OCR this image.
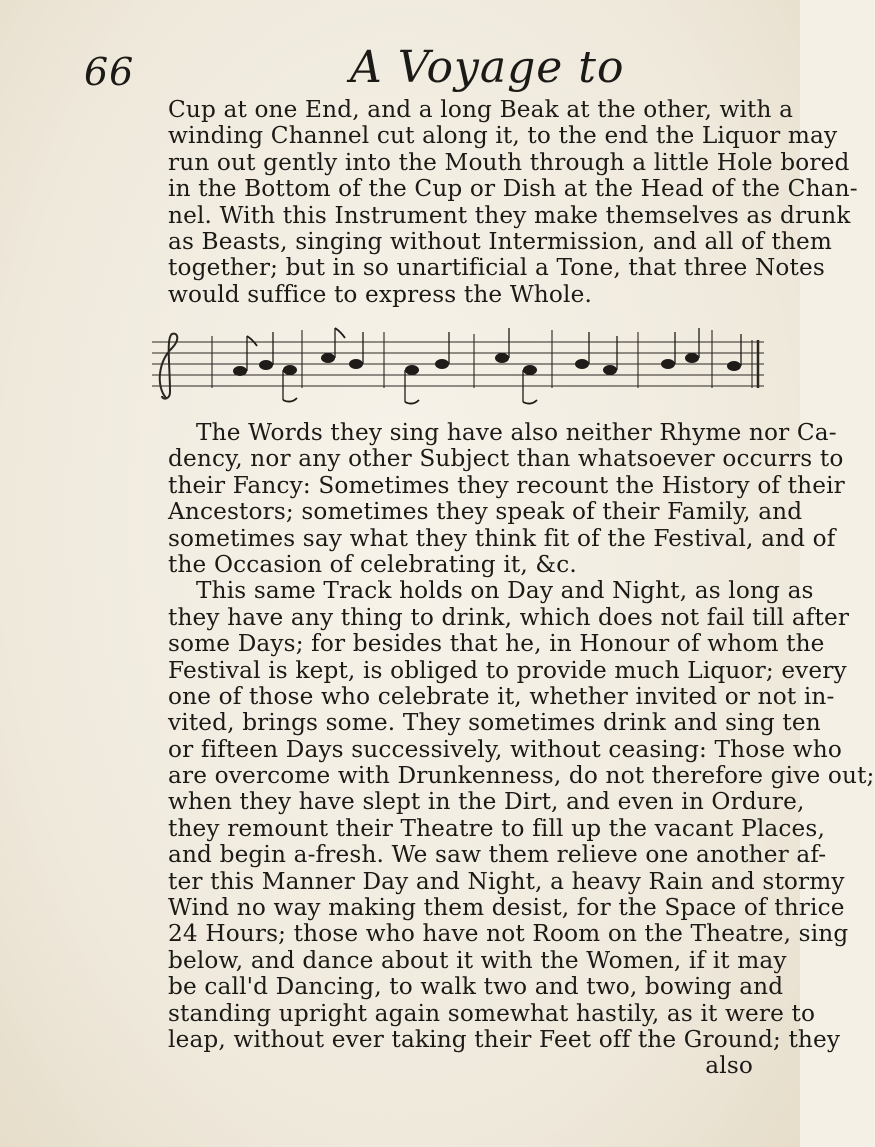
66	A Voyage to
Cup at one End, and a long Beak at the other, with a
winding Channel cut along it, to the end the Liquor may
run out gently into the Mouth through a little Hole bored
in the Bottom of the Cup or Dish at the Head of the Chan-
nel. With this Instrument they make themselves as drunk
as Beasts, singing without Intermission, and all of them
together; but in so unartificial a Tone, that three Notes
would suffice to express the Whole.
The Words they sing have also neither Rhyme nor Ca-
dency, nor any other Subject than whatsoever occurrs to
their Fancy: Sometimes they recount the History of their
Ancestors; sometimes they speak of their Family, and
sometimes say what they think fit of the Festival, and of
the Occasion of celebrating it, &c.
This same Track holds on Day and Night, as long as
they have any thing to drink, which does not fail till after
some Days; for besides that he, in Honour of whom the
Festival is kept, is obliged to provide much Liquor; every
one of those who celebrate it, whether invited or not in-
vited, brings some. They sometimes drink and sing ten
or fifteen Days successively, without ceasing: Those who
are overcome with Drunkenness, do not therefore give out;
when they have slept in the Dirt, and even in Ordure,
they remount their Theatre to fill up the vacant Places,
and begin a-fresh. We saw them relieve one another af-
ter this Manner Day and Night, a heavy Rain and stormy
Wind no way making them desist, for the Space of thrice
24 Hours; those who have not Room on the Theatre, sing
below, and dance about it with the Women, if it may
be call'd Dancing, to walk two and two, bowing and
standing upright again somewhat hastily, as it were to
leap, without ever taking their Feet off the Ground; they
also
